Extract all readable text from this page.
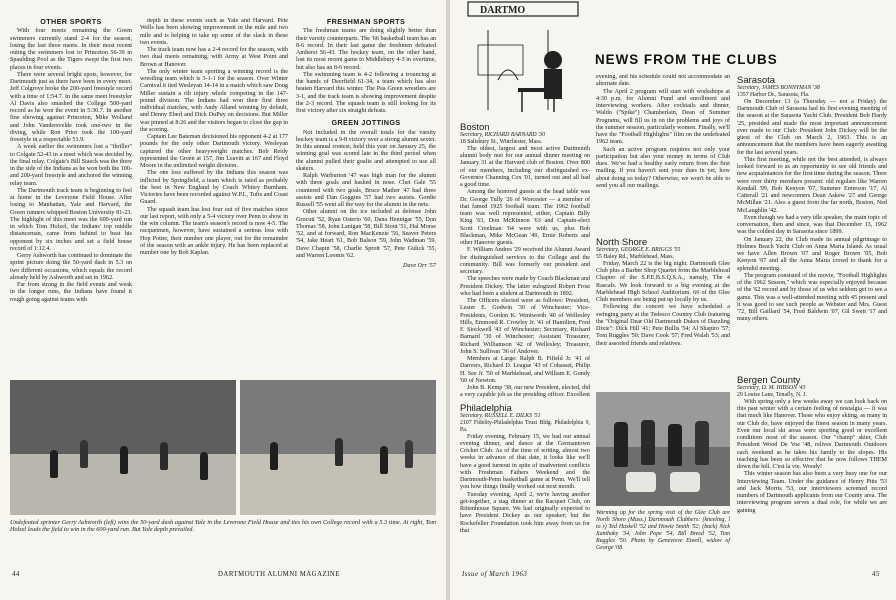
OTHER SPORTS

With four meets remaining the Green swimmers currently stand 2-4 for the season, losing the last three meets. In their most recent outing the swimmers lost to Princeton 56-39 in Spaulding Pool as the Tigers swept the first two places in four events.

There were several bright spots, however, for Dartmouth just as there have been in every meet. Jeff Colgrove broke the 200-yard freestyle record with a time of 1:54.7. In the same meet freestyler Al Davis also smashed the College 500-yard record as he won the event in 5:30.7. In another fine showing against Princeton, Mike Wolland and John Vandersvelde took one-two in the diving, while Ron Prior took the 100-yard freestyle in a respectable 51.9.

A week earlier the swimmers lost a "thriller" to Colgate 52-43 in a meet which was decided by the final relay. Colgate's Bill Staeck was the there in the side of the Indians as he won both the 100- and 200-yard freestyle and anchored the winning relay team.

The Dartmouth track team is beginning to feel at home in the Leverone Field House. After losing to Manhattan, Yale and Harvard, the Green runners whipped Boston University 81-23. The highlight of this meet was the 600-yard run in which Tom Holzel, the Indians' top middle distanceman, came from behind to beat his opponent by six inches and set a field house record of 1:12.4.

Gerry Ashworth has continued to dominate the sprint picture doing the 50-yard dash in 5.3 on two different occasions, which equals the record already held by Ashworth and set in 1962.

Far from strong in the field events and weak in the longer runs, the Indians have found it rough going against teams with

depth in these events such as Yale and Harvard. Pete Wells has been showing improvement in the mile and two mile and is helping to take up some of the slack in these two events.

The track team now has a 2-4 record for the season, with two dual meets remaining, with Army at West Point and Brown at Hanover.

The only winter team sporting a winning record is the wrestling team which is 3-1-1 for the season. Over Winter Carnival it tied Wesleyan 14-14 in a match which saw Doug Miller sustain a rib injury whole competing in the 147-pound division. The Indians had won their first three individual matches, with Andy Alland winning by default, and Denny Eberl and Dick DuPuy on decisions. But Miller was pinned at 8:26 and the visitors began to close the gap in the scoring.

Captain Lee Bateman decisioned his opponent 4-2 at 177 pounds for the only other Dartmouth victory. Wesleyan captured the other heavyweight matches. Bob Reidy represented the Green at 157, Jim Leavitt at 167 and Floyd Moore in the unlimited weight division.

The one loss suffered by the Indians this season was inflicted by Springfield, a team which is rated as probably the best in New England by Coach Whitey Burnham. Victories have been recorded against W.P.I., Tufts and Coast Guard.

The squash team has lost four out of five matches since our last report, with only a 5-4 victory over Penn to show in the win column. The team's season's record is now 4-5. The racquetmen, however, have sustained a serious loss with Hop Potter, their number one player, out for the remainder of the season with an ankle injury. He has been replaced at number one by Bob Kaplan.

FRESHMAN SPORTS

The freshman teams are doing slightly better than their varsity counterparts. The '66 basketball team has an 8-6 record. In their last game the freshmen defeated Amherst 56-43. The hockey team, on the other hand, lost its most recent game to Middlebury 4-3 in overtime, but also has an 8-6 record.

The swimming team is 4-2 following a trouncing at the hands of Deerfield 61-34, a team which has also beaten Harvard this winter. The Pea Green wrestlers are 3-1, and the track team is showing improvement despite the 2-3 record. The squash team is still looking for its first victory after six straight defeats.

GREEN JOTTINGS

Not included in the overall totals for the varsity hockey team is a 9-8 victory over a strong alumni sextet. In this annual contest, held this year on January 25, the winning goal was scored late in the third period when the alumni pulled their goalie and attempted to use all skaters.

Ralph Warburton '47 was high man for the alumni with three goals and hashed in nose. Chet Gale '55 countered with two goals, Bruce Mather '47 had three assists and Dan Goggins '57 had two assists. Gordie Russell '55 went all the way for the alumni in the nets.

Other alumni on the ice included at defense John Grocutt '52, Ryan Osterio '60, Dana Hennigar '55, Don Thomas '58, John Lanigan '58, Bill Stout '51, Hal Morse '52, and at forward, Ron MacKenzie '56, Seaver Peters '54, Jake Heart '61, Bob Balson '59, John Wadman '59, Dave Chapin '58, Charlie Sprott '57, Pete Gulick '55, and Warren Loomis '62.

Dave Orr '57
Undefeated sprinter Gerry Ashworth (left) wins the 50-yard dash against Yale in the Leverone Field House and ties his own College record with a 5.3 time. At right, Tom Holzel leads the field to win in the 600-yard run. But Yale depth prevailed.
44	DARTMOUTH ALUMNI MAGAZINE
DARTMO
NEWS FROM THE CLUBS
Boston

Secretary, RICHARD BARNARD '30

18 Salisbury St., Winchester, Mass.

The oldest, largest and most active Dartmouth alumni body met for our annual dinner meeting on January 31 at the Harvard club of Boston. Over 800 of our members, including our distinguished ex-Governor Channing Cox '01, turned out and all had a good time.

Among the honored guests at the head table was Dr. George Tully '26 of Worcester — a member of that famed 1925 football team. The 1962 football team was well represented, either, Captain Billy King '63, Don McKinnon '63 and Captain-elect Scott Creelman '64 were with us, plus Bob Blackman, Mike McGean '49, Ernie Roberts and other Hanover guests.

F. William Andres '29 received the Alumni Award for distinguished services to the College and the community. Bill was formerly our president and secretary.

The speeches were made by Coach Blackman and President Dickey. The latter eulogized Robert Frost who had been a student at Dartmouth in 1892.

The Officers elected were as follows: President, Lester E. Godwin '30 of Winchester; Vice-Presidents, Gordon K. Wentworth '40 of Wellesley Hills, Emmond R. Crowley Jr. '41 of Hamilton, Fred F. Stockwell '43 of Winchester; Secretary, Richard Barnard '30 of Winchester; Assistant Treasurer, Richard Williamson '42 of Wellesley; Treasurer, John S. Sullivan '36 of Andover.

Members at Large: Ralph B. Fifield Jr. '41 of Danvers, Richard D. League '43 of Cohasset, Philip H. See Jr. '50 of Marblehead, and William E. Gundy '60 of Newton.

John B. Kemp '38, our new President, elected, did a very capable job as the presiding officer. Excellent

Philadelphia

Secretary, RUSSELL E. DILKS '51

2107 Fidelity-Philadelphia Trust Bldg. Philadelphia 9, Pa.

Friday evening, February 15, we had our annual evening dinner, and dance at the Germantown Cricket Club. As of the time of writing, almost two weeks in advance of that date, it looks like we'll have a good turnout in spite of inadvertent conflicts with Freshman Fathers Weekend and the Dartmouth-Penn basketball game at Penn. We'll tell you how things finally worked out next month.

Tuesday evening, April 2, we're having another get-together, a stag dinner at the Racquet Club, on Rittenhouse Square. We had originally expected to have President Dickey as our speaker; but the Rockefeller Foundation took him away from us for that

evening, and his schedule could not accommodate an alternate date.

The April 2 program will start with workshops at 4:30 p.m. for Alumni Fund and enrollment and interviewing workers. After cocktails and dinner, Waldo ("Spike") Chamberlain, Dean of Summer Programs, will fill us in on the problems and joys of the summer session, particularly women. Finally, we'll have the "Football Highlights" film on the undefeated 1962 team.

Such an active program requires not only your participation but also your money in terms of Club dues. We've had a healthy early return from the first mailing. If you haven't sent your dues in yet, how about doing so today? Otherwise, we won't be able to send you all our mailings.

North Shore

Secretary, GEORGE E. BRIGGS '55

55 Haley Rd., Marblehead, Mass.

Friday, March 22 is the big night. Dartmouth Glee Club plus a Barber Shop Quartet from the Marblehead Chapter of the S.P.E.B.S.Q.S.A., namely, The 4 Rascals. We look forward to a big evening at the Marblehead High School Auditorium. 66 of the Glee Club members are being put up locally by us.

Following the concert we have scheduled a swinging party at the Tedesco Country Club featuring the "Original Dear Old Dartmouth Dukes of Dazzling Dixie": Dick Hill '41; Pete Bullis '54; Al Shapiro '57; Tom Ruggles '50; Dave Cook '57; Fred Walsh '53; and their assorted friends and relatives.

Warming up for the spring visit of the Glee Club are North Shore (Mass.) Dartmouth Clubbers: (kneeling, l to r) Ted Haskell '52 and Howie Smith '52; (back) Nick Xanthaky '34, John Pope '54, Bill Breed '52, Tom Ruggles '50. Photo by Genevieve Etwell, widow of George '08.
Sarasota

Secretary, JAMES BONNYMAN '38

1357 Harbor Dr., Sarasota, Fla.

On December 13 (a Thursday — not a Friday) the Dartmouth Club of Sarasota had its first evening meeting of the season at the Sarasota Yacht Club. President Bob Hardy '25, presided and made the most important announcement ever made to our Club: President John Dickey will be the guest of the Club on March 2, 1963. This is an announcement that the members have been eagerly awaiting for the last several years.

This first meeting, while not the best attended, is always looked forward to as an opportunity to see old friends and new acquaintances for the first time during the season. There were over thirty members present: old regulars like Warren Kendall '99, Bob Kenyon '07, Summer Emerson '17, Al Catterall '21 and newcomers Dean Askew '27 and George McMillan '21. Also a guest from the far north, Boston, Ned McLaughlin '42.

Even though we had a very idle speaker, the main topic of conversation, then and since, was that December 13, 1962 was the coldest day in Sarasota since 1899.

On January 22, the Club made its annual pilgrimage to Holmes Beach Yacht Club on Anna Maria Island. As usual we have Allen Brown '07 and Roger Brown '05, Bob Kenyon '07 and all the Anna Maria crowd to thank for a splendid meeting.

The program consisted of the movie, "Football Highlights of the 1962 Season," which was especially enjoyed because of the '62 record and by those of us who seldom get to see a game. This was a well-attended meeting with 45 present and it was good to see such people as Webster and Mrs. Guest '72, Bill Gaillard '54, Fred Baldwin '07, Gil Swett '17 and many others.

Bergen County

Secretary, D. M. HIBSON '45

29 Louise Lane, Tenafly, N. J.

With spring only a few weeks away we can look back on this past winter with a certain feeling of nostalgia — it was that much like Hanover. Those who enjoy skiing, as many in our Club do, have enjoyed the finest season in many years. Even our local ski areas were sporting good or excellent conditions most of the season. Our "champ" skier, Club President Wood De Voe '48, relives Dartmouth Outdoors each weekend as he takes his family to the slopes. His teaching has been so effective that he now follows THEM down the hill. C'est la vie. Woody!

This winter season has also been a very busy one for our Interviewing Team. Under the guidance of Henry Pitts '53 and Jack Morris '53, our interviewers screened record numbers of Dartmouth applicants from our County area. The interviewing program serves a dual role, for while we are gaining

Issue of March 1963	45
